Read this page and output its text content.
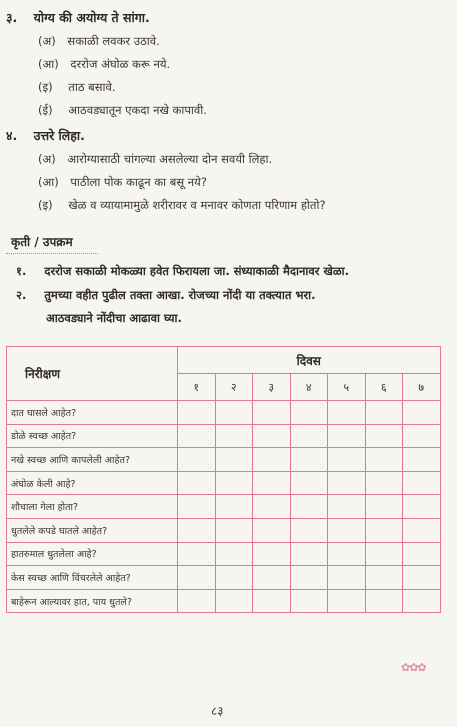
३. योग्य की अयोग्य ते सांगा.
(अ) सकाळी लवकर उठावे.
(आ) दररोज अंघोळ करू नये.
(इ) ताठ बसावे.
(ई) आठवड्यातून एकदा नखे कापावी.
४. उत्तरे लिहा.
(अ) आरोग्यासाठी चांगल्या असलेल्या दोन सवयी लिहा.
(आ) पाठीला पोक काढून का बसू नये?
(इ) खेळ व व्यायामामुळे शरीरावर व मनावर कोणता परिणाम होतो?
कृती / उपक्रम
१. दररोज सकाळी मोकळ्या हवेत फिरायला जा. संध्याकाळी मैदानावर खेळा.
२. तुमच्या वहीत पुढील तक्ता आखा. रोजच्या नोंदी या तक्त्यात भरा.
आठवड्याने नोंदीचा आढावा घ्या.
निरीक्षण	दिवस						
	१	२	३	४	५	६	७
दात घासले आहेत?							
डोळे स्वच्छ आहेत?							
नखे स्वच्छ आणि कापलेली आहेत?							
अंघोळ केली आहे?							
शौचाला गेला होता?							
धुतलेले कपडे घातले आहेत?							
हातरुमाल धुतलेला आहे?							
केस स्वच्छ आणि विंचरलेले आहेत?							
बाहेरून आल्यावर हात, पाय धुतले?							
✿✿✿
८३
